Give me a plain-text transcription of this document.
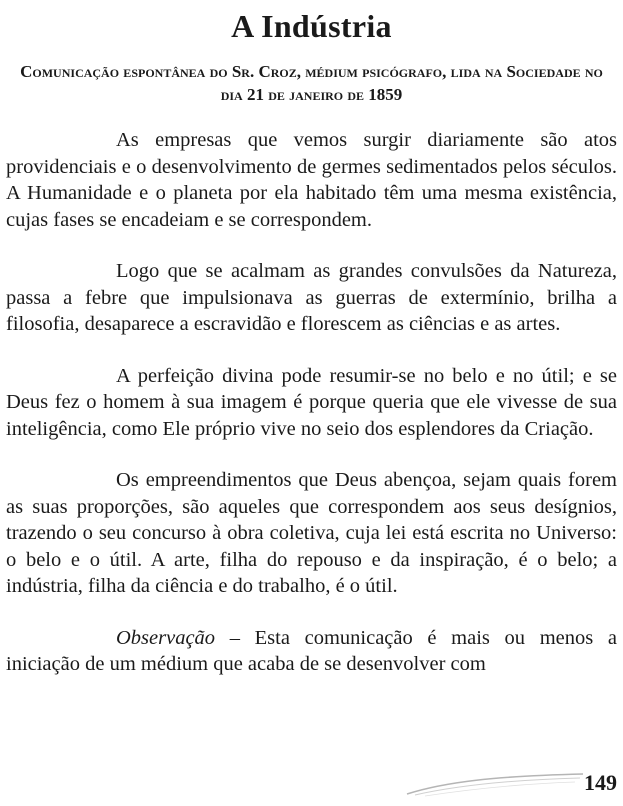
A Indústria

Comunicação espontânea do Sr. Croz, médium psicógrafo, lida na Sociedade no dia 21 de janeiro de 1859

As empresas que vemos surgir diariamente são atos providenciais e o desenvolvimento de germes sedimentados pelos séculos. A Humanidade e o planeta por ela habitado têm uma mesma existência, cujas fases se encadeiam e se correspondem.

Logo que se acalmam as grandes convulsões da Natureza, passa a febre que impulsionava as guerras de extermínio, brilha a filosofia, desaparece a escravidão e florescem as ciências e as artes.

A perfeição divina pode resumir-se no belo e no útil; e se Deus fez o homem à sua imagem é porque queria que ele vivesse de sua inteligência, como Ele próprio vive no seio dos esplendores da Criação.

Os empreendimentos que Deus abençoa, sejam quais forem as suas proporções, são aqueles que correspondem aos seus desígnios, trazendo o seu concurso à obra coletiva, cuja lei está escrita no Universo: o belo e o útil. A arte, filha do repouso e da inspiração, é o belo; a indústria, filha da ciência e do trabalho, é o útil.

Observação – Esta comunicação é mais ou menos a iniciação de um médium que acaba de se desenvolver com

149
